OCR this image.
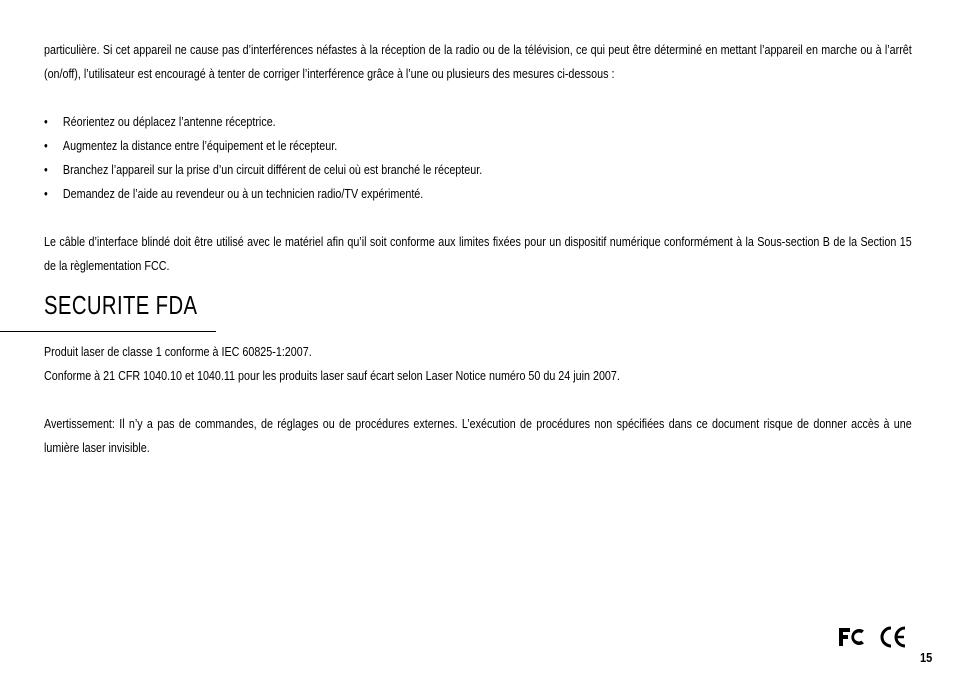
particulière. Si cet appareil ne cause pas d’interférences néfastes à la réception de la radio ou de la télévision, ce qui peut être déterminé en mettant l’appareil en marche ou à l’arrêt (on/off), l’utilisateur est encouragé à tenter de corriger l’interférence grâce à l’une ou plusieurs des mesures ci-dessous :

• Réorientez ou déplacez l’antenne réceptrice.
• Augmentez la distance entre l’équipement et le récepteur.
• Branchez l’appareil sur la prise d’un circuit différent de celui où est branché le récepteur.
• Demandez de l’aide au revendeur ou à un technicien radio/TV expérimenté.

Le câble d’interface blindé doit être utilisé avec le matériel afin qu’il soit conforme aux limites fixées pour un dispositif numérique conformément à la Sous-section B de la Section 15 de la règlementation FCC.

SECURITE FDA

Produit laser de classe 1 conforme à IEC 60825-1:2007.

Conforme à 21 CFR 1040.10 et 1040.11 pour les produits laser sauf écart selon Laser Notice numéro 50 du 24 juin 2007.

Avertissement: Il n’y a pas de commandes, de réglages ou de procédures externes. L’exécution de procédures non spécifiées dans ce document risque de donner accès à une lumière laser invisible.

15
